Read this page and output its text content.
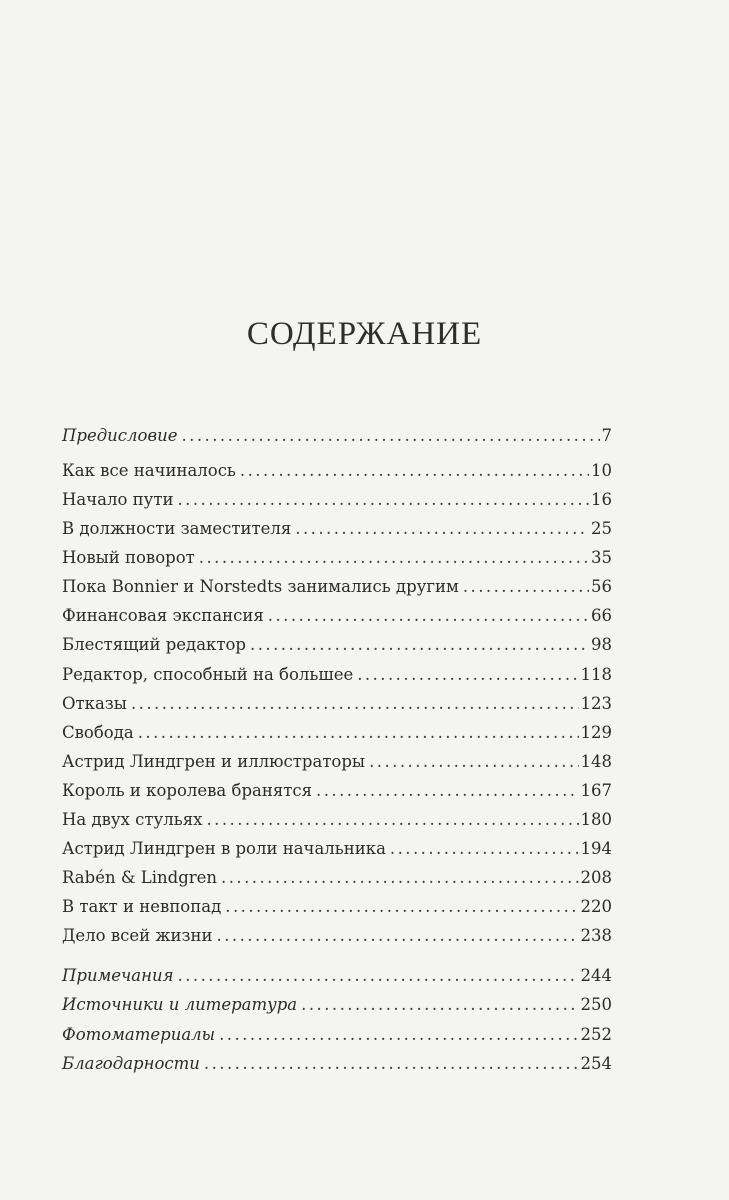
СОДЕРЖАНИЕ
Предисловие . . .	7
Как все начиналось . . .	10
Начало пути . . .	16
В должности заместителя . . .	25
Новый поворот . . .	35
Пока Bonnier и Norstedts занимались другим . . .	56
Финансовая экспансия . . .	66
Блестящий редактор . . .	98
Редактор, способный на большее . . .	118
Отказы . . .	123
Свобода . . .	129
Астрид Линдгрен и иллюстраторы . . .	148
Король и королева бранятся . . .	167
На двух стульях . . .	180
Астрид Линдгрен в роли начальника . . .	194
Rabén & Lindgren . . .	208
В такт и невпопад . . .	220
Дело всей жизни . . .	238
Примечания . . .	244
Источники и литература . . .	250
Фотоматериалы . . .	252
Благодарности . . .	254
